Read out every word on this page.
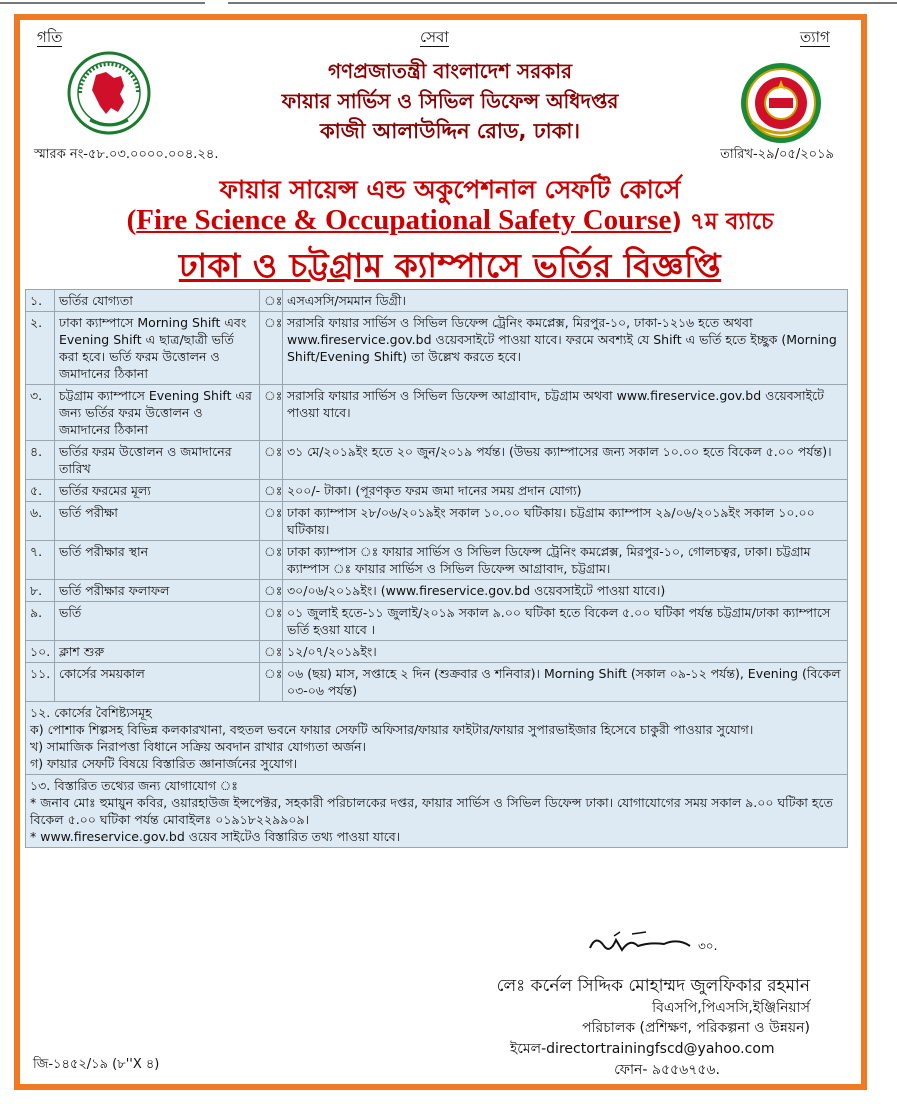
গতি	সেবা	ত্যাগ
গণপ্রজাতন্ত্রী বাংলাদেশ সরকার
ফায়ার সার্ভিস ও সিভিল ডিফেন্স অধিদপ্তর
কাজী আলাউদ্দিন রোড, ঢাকা।
স্মারক নং-৫৮.০৩.০০০০.০০৪.২৪.	তারিখ-২৯/০৫/২০১৯
ফায়ার সায়েন্স এন্ড অকুপেশনাল সেফটি কোর্সে
(Fire Science & Occupational Safety Course) ৭ম ব্যাচে
ঢাকা ও চট্টগ্রাম ক্যাম্পাসে ভর্তির বিজ্ঞপ্তি
১.	ভর্তির যোগ্যতা	ঃ	এসএসসি/সমমান ডিগ্রী।
২.	ঢাকা ক্যাম্পাসে Morning Shift এবং Evening Shift এ ছাত্র/ছাত্রী ভর্তি করা হবে। ভর্তি ফরম উত্তোলন ও জমাদানের ঠিকানা	ঃ	সরাসরি ফায়ার সার্ভিস ও সিভিল ডিফেন্স ট্রেনিং কমপ্লেক্স, মিরপুর-১০, ঢাকা-১২১৬ হতে অথবা www.fireservice.gov.bd ওয়েবসাইটে পাওয়া যাবে। ফরমে অবশ্যই যে Shift এ ভর্তি হতে ইচ্ছুক (Morning Shift/Evening Shift) তা উল্লেখ করতে হবে।
৩.	চট্টগ্রাম ক্যাম্পাসে Evening Shift এর জন্য ভর্তির ফরম উত্তোলন ও জমাদানের ঠিকানা	ঃ	সরাসরি ফায়ার সার্ভিস ও সিভিল ডিফেন্স আগ্রাবাদ, চট্টগ্রাম অথবা www.fireservice.gov.bd ওয়েবসাইটে পাওয়া যাবে।
৪.	ভর্তির ফরম উত্তোলন ও জমাদানের তারিখ	ঃ	৩১ মে/২০১৯ইং হতে ২০ জুন/২০১৯ পর্যন্ত। (উভয় ক্যাম্পাসের জন্য সকাল ১০.০০ হতে বিকেল ৫.০০ পর্যন্ত)।
৫.	ভর্তির ফরমের মূল্য	ঃ	২০০/- টাকা। (পূরণকৃত ফরম জমা দানের সময় প্রদান যোগ্য)
৬.	ভর্তি পরীক্ষা	ঃ	ঢাকা ক্যাম্পাস ২৮/০৬/২০১৯ইং সকাল ১০.০০ ঘটিকায়। চট্টগ্রাম ক্যাম্পাস ২৯/০৬/২০১৯ইং সকাল ১০.০০ ঘটিকায়।
৭.	ভর্তি পরীক্ষার স্থান	ঃ	ঢাকা ক্যাম্পাস ঃ ফায়ার সার্ভিস ও সিভিল ডিফেন্স ট্রেনিং কমপ্লেক্স, মিরপুর-১০, গোলচত্বর, ঢাকা। চট্টগ্রাম ক্যাম্পাস ঃ ফায়ার সার্ভিস ও সিভিল ডিফেন্স আগ্রাবাদ, চট্টগ্রাম।
৮.	ভর্তি পরীক্ষার ফলাফল	ঃ	৩০/০৬/২০১৯ইং। (www.fireservice.gov.bd ওয়েবসাইটে পাওয়া যাবে।)
৯.	ভর্তি	ঃ	০১ জুলাই হতে-১১ জুলাই/২০১৯ সকাল ৯.০০ ঘটিকা হতে বিকেল ৫.০০ ঘটিকা পর্যন্ত চট্টগ্রাম/ঢাকা ক্যাম্পাসে ভর্তি হওয়া যাবে ।
১০.	ক্লাশ শুরু	ঃ	১২/০৭/২০১৯ইং।
১১.	কোর্সের সময়কাল	ঃ	০৬ (ছয়) মাস, সপ্তাহে ২ দিন (শুক্রবার ও শনিবার)। Morning Shift (সকাল ০৯-১২ পর্যন্ত), Evening (বিকেল ০৩-০৬ পর্যন্ত)

১২. কোর্সের বৈশিষ্ট্যসমূহ
ক) পোশাক শিল্পসহ বিভিন্ন কলকারখানা, বহুতল ভবনে ফায়ার সেফটি অফিসার/ফায়ার ফাইটার/ফায়ার সুপারভাইজার হিসেবে চাকুরী পাওয়ার সুযোগ।
খ) সামাজিক নিরাপত্তা বিধানে সক্রিয় অবদান রাখার যোগ্যতা অর্জন।
গ) ফায়ার সেফটি বিষয়ে বিস্তারিত জ্ঞানার্জনের সুযোগ।			

১৩. বিস্তারিত তথ্যের জন্য যোগাযোগ ঃ
* জনাব মোঃ হুমায়ুন কবির, ওয়ারহাউজ ইন্সপেক্টর, সহকারী পরিচালকের দপ্তর, ফায়ার সার্ভিস ও সিভিল ডিফেন্স ঢাকা। যোগাযোগের সময় সকাল ৯.০০ ঘটিকা হতে বিকেল ৫.০০ ঘটিকা পর্যন্ত মোবাইলঃ ০১৯১৮২২৯৯০৯।
* www.fireservice.gov.bd ওয়েব সাইটেও বিস্তারিত তথ্য পাওয়া যাবে।			
৩০.
লেঃ কর্নেল সিদ্দিক মোহাম্মদ জুলফিকার রহমান
বিএসপি,পিএসসি,ইঞ্জিনিয়ার্স
পরিচালক (প্রশিক্ষণ, পরিকল্পনা ও উন্নয়ন)
ইমেল-directortrainingfscd@yahoo.com
ফোন- ৯৫৫৬৭৫৬.
জি-১৪৫২/১৯ (৮''X ৪)
